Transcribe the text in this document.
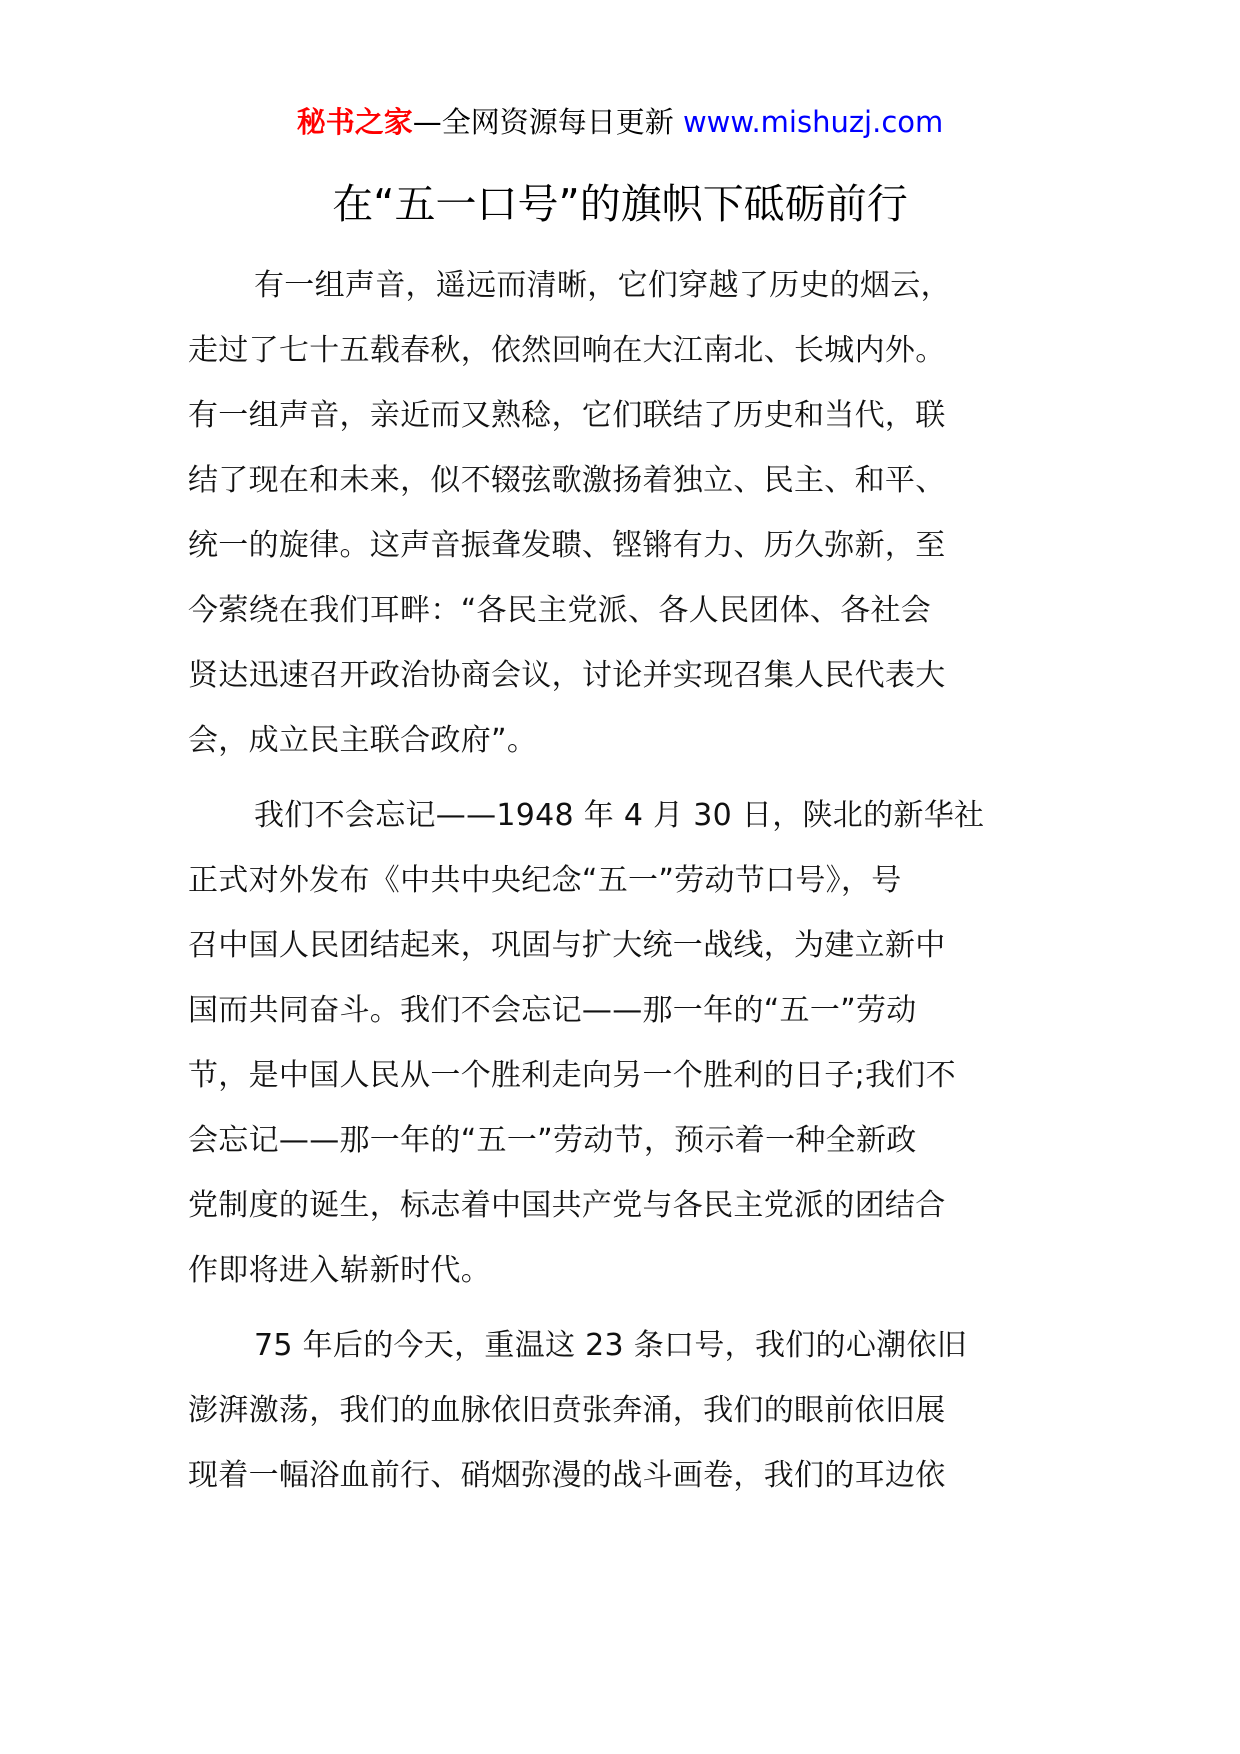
秘书之家—全网资源每日更新 www.mishuzj.com
在“五一口号”的旗帜下砥砺前行

有一组声音，遥远而清晰，它们穿越了历史的烟云，
走过了七十五载春秋，依然回响在大江南北、长城内外。
有一组声音，亲近而又熟稔，它们联结了历史和当代，联
结了现在和未来，似不辍弦歌激扬着独立、民主、和平、
统一的旋律。这声音振聋发聩、铿锵有力、历久弥新，至
今萦绕在我们耳畔：“各民主党派、各人民团体、各社会
贤达迅速召开政治协商会议，讨论并实现召集人民代表大
会，成立民主联合政府”。

我们不会忘记——1948 年 4 月 30 日，陕北的新华社
正式对外发布《中共中央纪念“五一”劳动节口号》，号
召中国人民团结起来，巩固与扩大统一战线，为建立新中
国而共同奋斗。我们不会忘记——那一年的“五一”劳动
节，是中国人民从一个胜利走向另一个胜利的日子;我们不
会忘记——那一年的“五一”劳动节，预示着一种全新政
党制度的诞生，标志着中国共产党与各民主党派的团结合
作即将进入崭新时代。

75 年后的今天，重温这 23 条口号，我们的心潮依旧
澎湃激荡，我们的血脉依旧贲张奔涌，我们的眼前依旧展
现着一幅浴血前行、硝烟弥漫的战斗画卷，我们的耳边依
